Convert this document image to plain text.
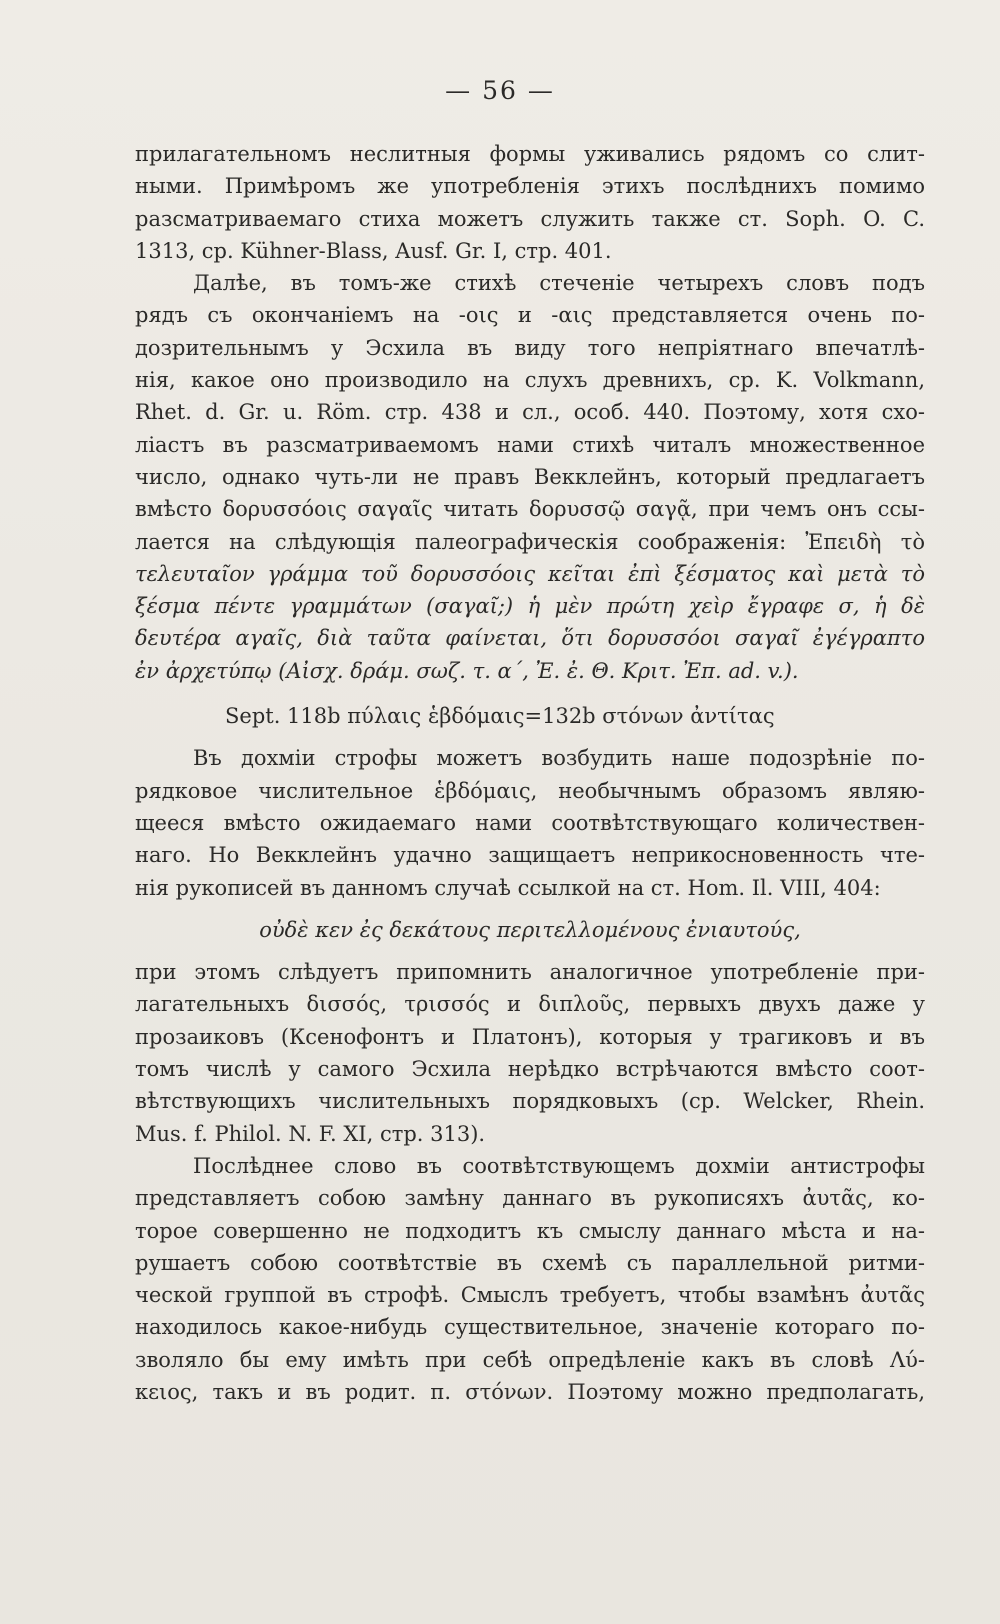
— 56 —

прилагательномъ неслитныя формы уживались рядомъ со слит-

ными. Примѣромъ же употребленія этихъ послѣднихъ помимо

разсматриваемаго стиха можетъ служить также ст. Soph. O. C.

1313, ср. Kühner-Blass, Ausf. Gr. I, стр. 401.

Далѣе, въ томъ-же стихѣ стеченіе четырехъ словъ подъ

рядъ съ окончаніемъ на -οις и -αις представляется очень по-

дозрительнымъ у Эсхила въ виду того непріятнаго впечатлѣ-

нія, какое оно производило на слухъ древнихъ, ср. K. Volkmann,

Rhet. d. Gr. u. Röm. стр. 438 и сл., особ. 440. Поэтому, хотя схо-

ліастъ въ разсматриваемомъ нами стихѣ читалъ множественное

число, однако чуть-ли не правъ Векклейнъ, который предлагаетъ

вмѣсто δορυσσόοις σαγαῖς читать δορυσσῷ σαγᾷ, при чемъ онъ ссы-

лается на слѣдующія палеографическія соображенія: Ἐπειδὴ τὸ

τελευταῖον γράμμα τοῦ δορυσσόοις κεῖται ἐπὶ ξέσματος καὶ μετὰ τὸ

ξέσμα πέντε γραμμάτων (σαγαῖ;) ἡ μὲν πρώτη χεὶρ ἔγραφε σ, ἡ δὲ

δευτέρα αγαῖς, διὰ ταῦτα φαίνεται, ὅτι δορυσσόοι σαγαῖ ἐγέγραπτο

ἐν ἀρχετύπῳ (Αἰσχ. δράμ. σωζ. τ. α΄, Ἐ. ἐ. Θ. Κριτ. Ἐπ. ad. v.).

Sept. 118b πύλαις ἑβδόμαις=132b στόνων ἀντίτας

Въ дохміи строфы можетъ возбудить наше подозрѣніе по-

рядковое числительное ἑβδόμαις, необычнымъ образомъ являю-

щееся вмѣсто ожидаемаго нами соотвѣтствующаго количествен-

наго. Но Векклейнъ удачно защищаетъ неприкосновенность чте-

нія рукописей въ данномъ случаѣ ссылкой на ст. Hom. Il. VIII, 404:

οὐδὲ κεν ἐς δεκάτους περιτελλομένους ἐνιαυτούς,

при этомъ слѣдуетъ припомнить аналогичное употребленіе при-

лагательныхъ δισσός, τρισσός и διπλοῦς, первыхъ двухъ даже у

прозаиковъ (Ксенофонтъ и Платонъ), которыя у трагиковъ и въ

томъ числѣ у самого Эсхила нерѣдко встрѣчаются вмѣсто соот-

вѣтствующихъ числительныхъ порядковыхъ (ср. Welcker, Rhein.

Mus. f. Philol. N. F. XI, стр. 313).

Послѣднее слово въ соотвѣтствующемъ дохміи антистрофы

представляетъ собою замѣну даннаго въ рукописяхъ ἀυτᾶς, ко-

торое совершенно не подходитъ къ смыслу даннаго мѣста и на-

рушаетъ собою соотвѣтствіе въ схемѣ съ параллельной ритми-

ческой группой въ строфѣ. Смыслъ требуетъ, чтобы взамѣнъ ἀυτᾶς

находилось какое-нибудь существительное, значеніе котораго по-

зволяло бы ему имѣть при себѣ опредѣленіе какъ въ словѣ Λύ-

κειος, такъ и въ родит. п. στόνων. Поэтому можно предполагать,
